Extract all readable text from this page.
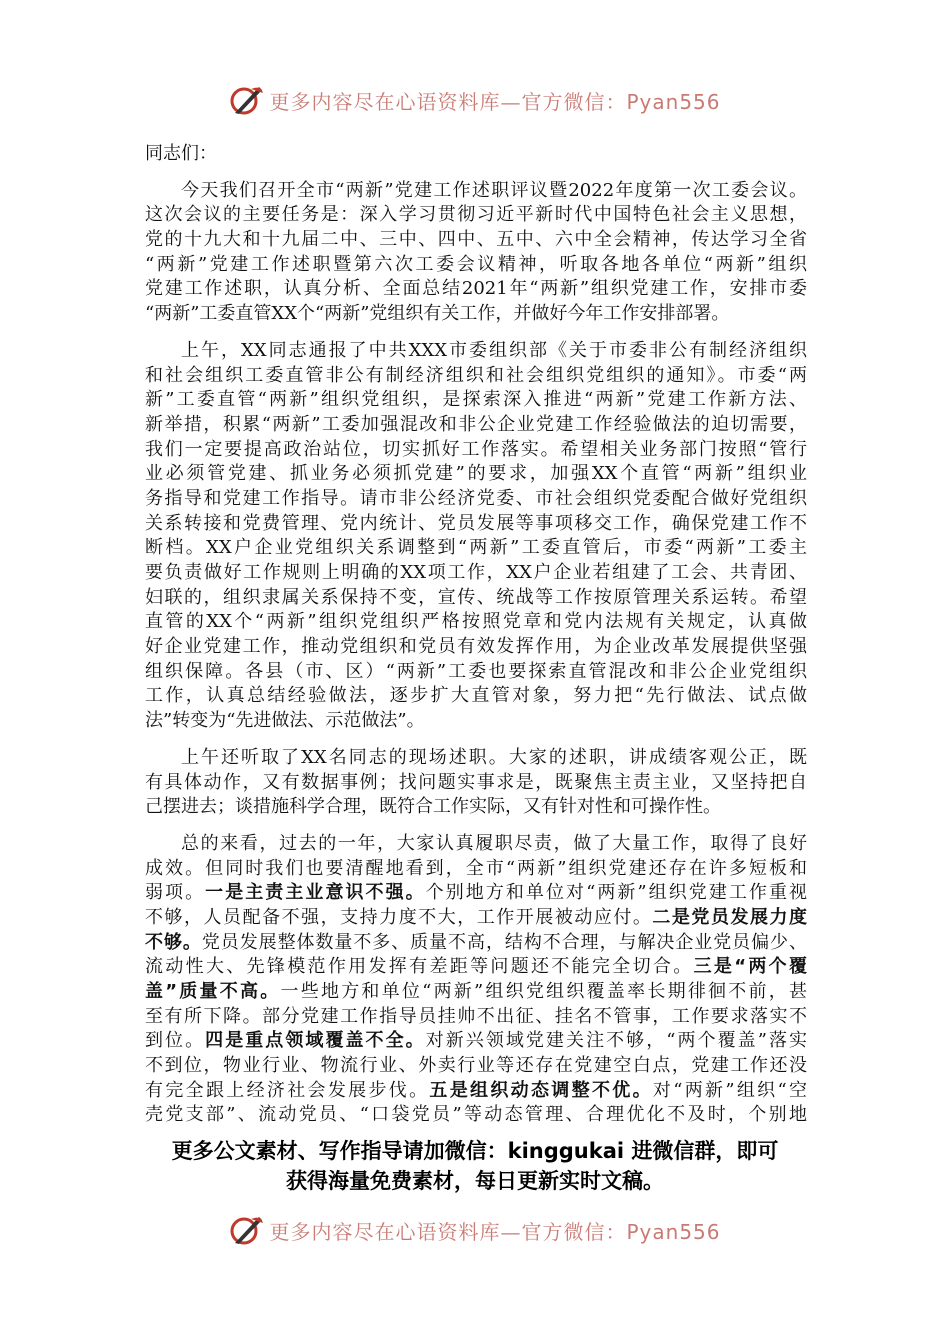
更多内容尽在心语资料库—官方微信：Pyan556
同志们：
今天我们召开全市“两新”党建工作述职评议暨2022年度第一次工委会议。
这次会议的主要任务是：深入学习贯彻习近平新时代中国特色社会主义思想，
党的十九大和十九届二中、三中、四中、五中、六中全会精神，传达学习全省
“两新”党建工作述职暨第六次工委会议精神，听取各地各单位“两新”组织
党建工作述职，认真分析、全面总结2021年“两新”组织党建工作，安排市委
“两新”工委直管XX个“两新”党组织有关工作，并做好今年工作安排部署。
上午，XX同志通报了中共XXX市委组织部《关于市委非公有制经济组织
和社会组织工委直管非公有制经济组织和社会组织党组织的通知》。市委“两
新”工委直管“两新”组织党组织，是探索深入推进“两新”党建工作新方法、
新举措，积累“两新”工委加强混改和非公企业党建工作经验做法的迫切需要，
我们一定要提高政治站位，切实抓好工作落实。希望相关业务部门按照“管行
业必须管党建、抓业务必须抓党建”的要求，加强XX个直管“两新”组织业
务指导和党建工作指导。请市非公经济党委、市社会组织党委配合做好党组织
关系转接和党费管理、党内统计、党员发展等事项移交工作，确保党建工作不
断档。XX户企业党组织关系调整到“两新”工委直管后，市委“两新”工委主
要负责做好工作规则上明确的XX项工作，XX户企业若组建了工会、共青团、
妇联的，组织隶属关系保持不变，宣传、统战等工作按原管理关系运转。希望
直管的XX个“两新”组织党组织严格按照党章和党内法规有关规定，认真做
好企业党建工作，推动党组织和党员有效发挥作用，为企业改革发展提供坚强
组织保障。各县（市、区）“两新”工委也要探索直管混改和非公企业党组织
工作，认真总结经验做法，逐步扩大直管对象，努力把“先行做法、试点做
法”转变为“先进做法、示范做法”。
上午还听取了XX名同志的现场述职。大家的述职，讲成绩客观公正，既
有具体动作，又有数据事例；找问题实事求是，既聚焦主责主业，又坚持把自
己摆进去；谈措施科学合理，既符合工作实际，又有针对性和可操作性。
总的来看，过去的一年，大家认真履职尽责，做了大量工作，取得了良好
成效。但同时我们也要清醒地看到，全市“两新”组织党建还存在许多短板和
弱项。一是主责主业意识不强。个别地方和单位对“两新”组织党建工作重视
不够，人员配备不强，支持力度不大，工作开展被动应付。二是党员发展力度
不够。党员发展整体数量不多、质量不高，结构不合理，与解决企业党员偏少、
流动性大、先锋模范作用发挥有差距等问题还不能完全切合。三是“两个覆
盖”质量不高。一些地方和单位“两新”组织党组织覆盖率长期徘徊不前，甚
至有所下降。部分党建工作指导员挂帅不出征、挂名不管事，工作要求落实不
到位。四是重点领域覆盖不全。对新兴领域党建关注不够，“两个覆盖”落实
不到位，物业行业、物流行业、外卖行业等还存在党建空白点，党建工作还没
有完全跟上经济社会发展步伐。五是组织动态调整不优。对“两新”组织“空
壳党支部”、流动党员、“口袋党员”等动态管理、合理优化不及时，个别地
更多公文素材、写作指导请加微信：kinggukai 进微信群，即可
获得海量免费素材，每日更新实时文稿。
更多内容尽在心语资料库—官方微信：Pyan556
